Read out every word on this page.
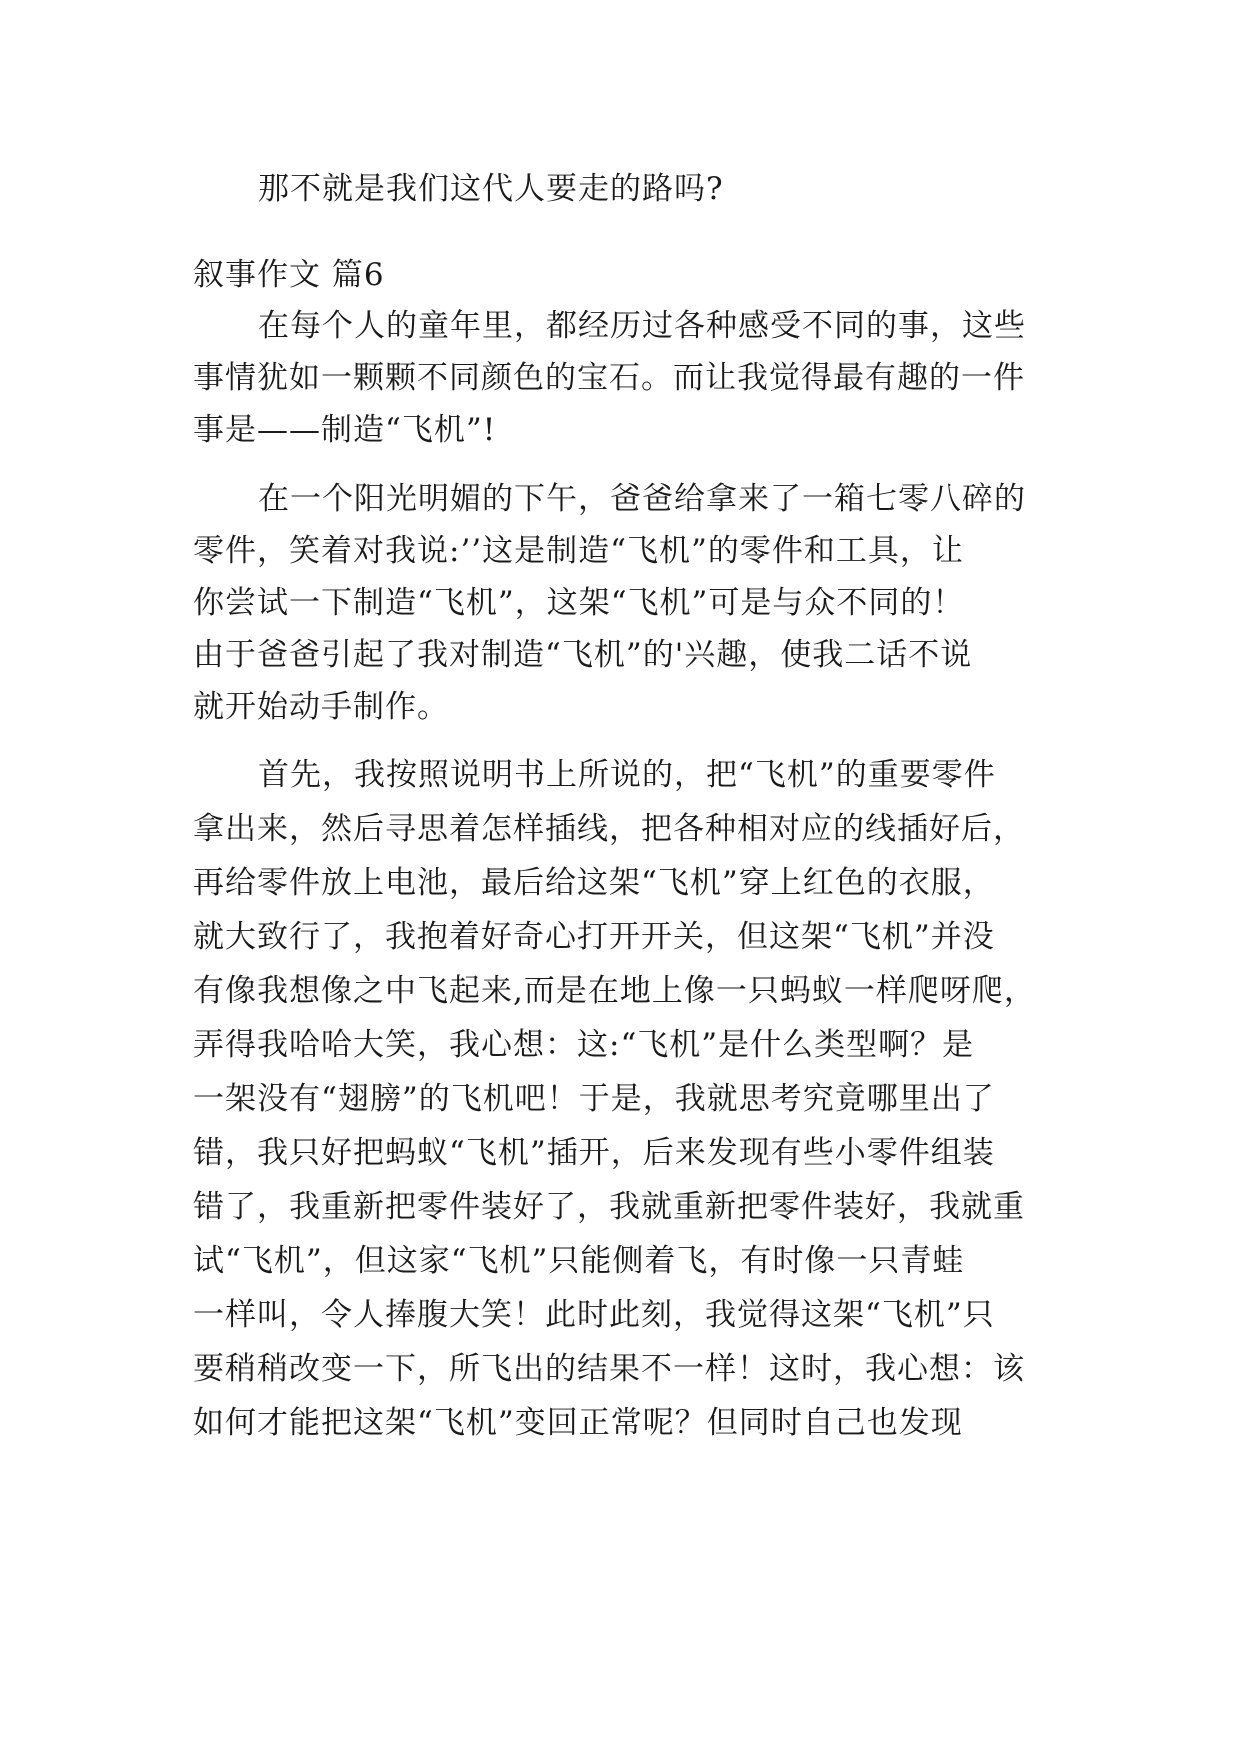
那不就是我们这代人要走的路吗?
叙事作文 篇6
在每个人的童年里，都经历过各种感受不同的事，这些
事情犹如一颗颗不同颜色的宝石。而让我觉得最有趣的一件
事是——制造“飞机”!
在一个阳光明媚的下午，爸爸给拿来了一箱七零八碎的
零件，笑着对我说:’’这是制造“飞机”的零件和工具，让
你尝试一下制造“飞机”，这架“飞机”可是与众不同的！
由于爸爸引起了我对制造“飞机”的'兴趣，使我二话不说
就开始动手制作。
首先，我按照说明书上所说的，把“飞机”的重要零件
拿出来，然后寻思着怎样插线，把各种相对应的线插好后，
再给零件放上电池，最后给这架“飞机”穿上红色的衣服，
就大致行了，我抱着好奇心打开开关，但这架“飞机”并没
有像我想像之中飞起来,而是在地上像一只蚂蚁一样爬呀爬，
弄得我哈哈大笑，我心想：这:“飞机”是什么类型啊？是
一架没有“翅膀”的飞机吧！于是，我就思考究竟哪里出了
错，我只好把蚂蚁“飞机”插开，后来发现有些小零件组装
错了，我重新把零件装好了，我就重新把零件装好，我就重
试“飞机”，但这家“飞机”只能侧着飞，有时像一只青蛙
一样叫，令人捧腹大笑！此时此刻，我觉得这架“飞机”只
要稍稍改变一下，所飞出的结果不一样！这时，我心想：该
如何才能把这架“飞机”变回正常呢？但同时自己也发现
